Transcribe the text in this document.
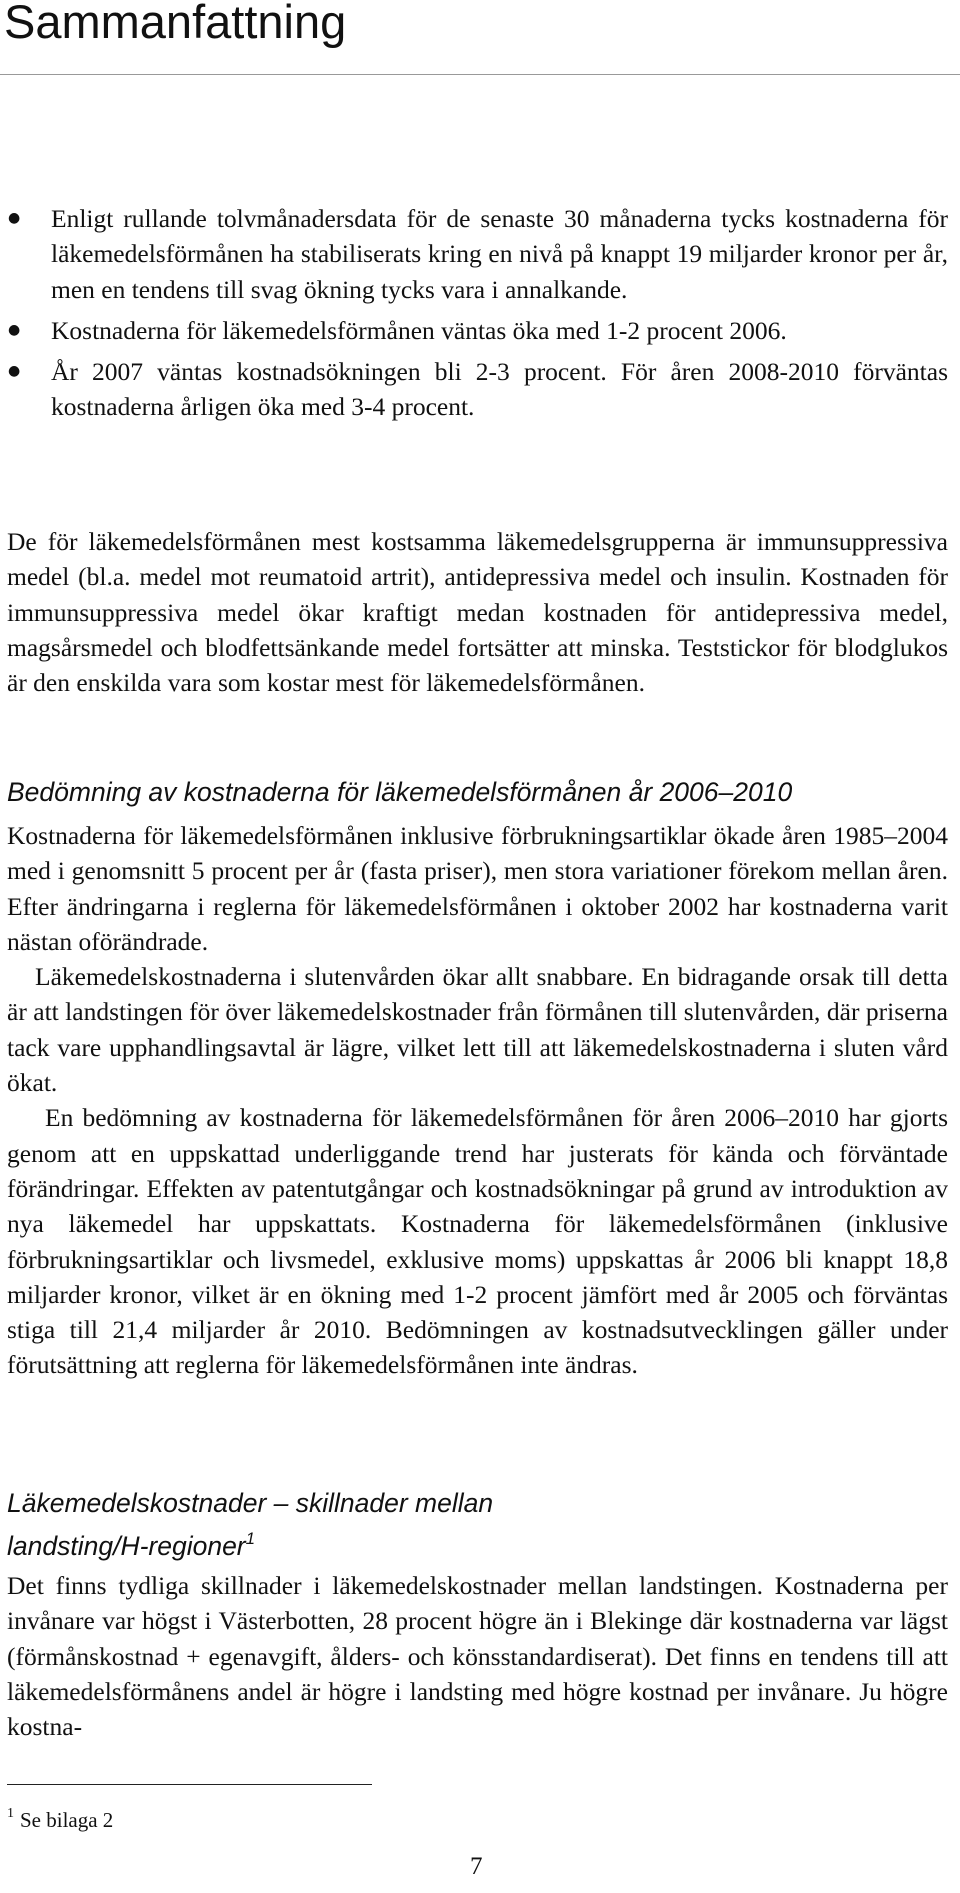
Sammanfattning
● Enligt rullande tolvmånadersdata för de senaste 30 månaderna tycks kostnaderna för läkemedelsförmånen ha stabiliserats kring en nivå på knappt 19 miljarder kronor per år, men en tendens till svag ökning tycks vara i annalkande.
● Kostnaderna för läkemedelsförmånen väntas öka med 1-2 procent 2006.
● År 2007 väntas kostnadsökningen bli 2-3 procent. För åren 2008-2010 förväntas kostnaderna årligen öka med 3-4 procent.

De för läkemedelsförmånen mest kostsamma läkemedelsgrupperna är immunsuppressiva medel (bl.a. medel mot reumatoid artrit), antidepressiva medel och insulin. Kostnaden för immunsuppressiva medel ökar kraftigt medan kostnaden för antidepressiva medel, magsårsmedel och blodfettsänkande medel fortsätter att minska. Teststickor för blodglukos är den enskilda vara som kostar mest för läkemedelsförmånen.

Bedömning av kostnaderna för läkemedelsförmånen år 2006–2010

Kostnaderna för läkemedelsförmånen inklusive förbrukningsartiklar ökade åren 1985–2004 med i genomsnitt 5 procent per år (fasta priser), men stora variationer förekom mellan åren. Efter ändringarna i reglerna för läkemedelsförmånen i oktober 2002 har kostnaderna varit nästan oförändrade.

Läkemedelskostnaderna i slutenvården ökar allt snabbare. En bidragande orsak till detta är att landstingen för över läkemedelskostnader från förmånen till slutenvården, där priserna tack vare upphandlingsavtal är lägre, vilket lett till att läkemedelskostnaderna i sluten vård ökat.

En bedömning av kostnaderna för läkemedelsförmånen för åren 2006–2010 har gjorts genom att en uppskattad underliggande trend har justerats för kända och förväntade förändringar. Effekten av patentutgångar och kostnadsökningar på grund av introduktion av nya läkemedel har uppskattats. Kostnaderna för läkemedelsförmånen (inklusive förbrukningsartiklar och livsmedel, exklusive moms) uppskattas år 2006 bli knappt 18,8 miljarder kronor, vilket är en ökning med 1-2 procent jämfört med år 2005 och förväntas stiga till 21,4 miljarder år 2010. Bedömningen av kostnadsutvecklingen gäller under förutsättning att reglerna för läkemedelsförmånen inte ändras.

Läkemedelskostnader – skillnader mellan
landsting/H-regioner$^1$

Det finns tydliga skillnader i läkemedelskostnader mellan landstingen. Kostnaderna per invånare var högst i Västerbotten, 28 procent högre än i Blekinge där kostnaderna var lägst (förmånskostnad + egenavgift, ålders- och könsstandardiserat). Det finns en tendens till att läkemedelsförmånens andel är högre i landsting med högre kostnad per invånare. Ju högre kostna-

$^1$ Se bilaga 2
7
